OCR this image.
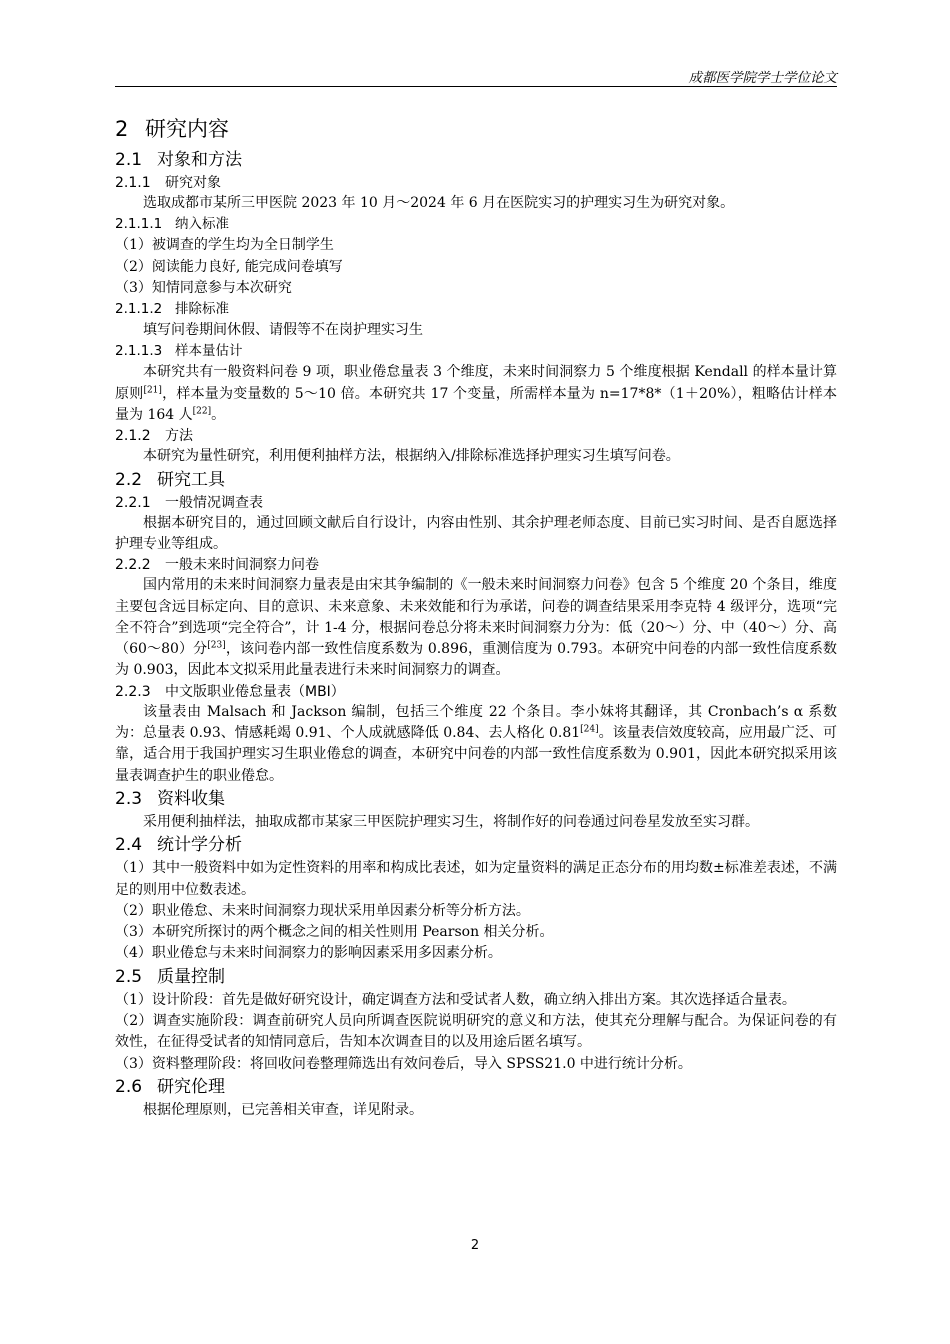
成都医学院学士学位论文
2 研究内容
2.1 对象和方法
2.1.1 研究对象

选取成都市某所三甲医院 2023 年 10 月～2024 年 6 月在医院实习的护理实习生为研究对象。

2.1.1.1 纳入标准
（1）被调查的学生均为全日制学生
（2）阅读能力良好, 能完成问卷填写
（3）知情同意参与本次研究
2.1.1.2 排除标准

填写问卷期间休假、请假等不在岗护理实习生

2.1.1.3 样本量估计

本研究共有一般资料问卷 9 项，职业倦怠量表 3 个维度，未来时间洞察力 5 个维度根据 Kendall 的样本量计算原则[21]，样本量为变量数的 5～10 倍。本研究共 17 个变量，所需样本量为 n=17*8*（1＋20%），粗略估计样本量为 164 人[22]。

2.1.2 方法

本研究为量性研究，利用便利抽样方法，根据纳入/排除标准选择护理实习生填写问卷。

2.2 研究工具
2.2.1 一般情况调查表

根据本研究目的，通过回顾文献后自行设计，内容由性别、其余护理老师态度、目前已实习时间、是否自愿选择护理专业等组成。

2.2.2 一般未来时间洞察力问卷

国内常用的未来时间洞察力量表是由宋其争编制的《一般未来时间洞察力问卷》包含 5 个维度 20 个条目，维度主要包含远目标定向、目的意识、未来意象、未来效能和行为承诺，问卷的调查结果采用李克特 4 级评分，选项“完全不符合”到选项“完全符合”，计 1-4 分，根据问卷总分将未来时间洞察力分为：低（20～）分、中（40～）分、高（60～80）分[23]，该问卷内部一致性信度系数为 0.896，重测信度为 0.793。本研究中问卷的内部一致性信度系数为 0.903，因此本文拟采用此量表进行未来时间洞察力的调查。

2.2.3 中文版职业倦怠量表（MBI）

该量表由 Malsach 和 Jackson 编制，包括三个维度 22 个条目。李小妹将其翻译，其 Cronbach’s α 系数为：总量表 0.93、情感耗竭 0.91、个人成就感降低 0.84、去人格化 0.81[24]。该量表信效度较高，应用最广泛、可靠，适合用于我国护理实习生职业倦怠的调查，本研究中问卷的内部一致性信度系数为 0.901，因此本研究拟采用该量表调查护生的职业倦怠。

2.3 资料收集

采用便利抽样法，抽取成都市某家三甲医院护理实习生，将制作好的问卷通过问卷星发放至实习群。

2.4 统计学分析
（1）其中一般资料中如为定性资料的用率和构成比表述，如为定量资料的满足正态分布的用均数±标准差表述，不满足的则用中位数表述。
（2）职业倦怠、未来时间洞察力现状采用单因素分析等分析方法。
（3）本研究所探讨的两个概念之间的相关性则用 Pearson 相关分析。
（4）职业倦怠与未来时间洞察力的影响因素采用多因素分析。
2.5 质量控制
（1）设计阶段：首先是做好研究设计，确定调查方法和受试者人数，确立纳入排出方案。其次选择适合量表。
（2）调查实施阶段：调查前研究人员向所调查医院说明研究的意义和方法，使其充分理解与配合。为保证问卷的有效性，在征得受试者的知情同意后，告知本次调查目的以及用途后匿名填写。
（3）资料整理阶段：将回收问卷整理筛选出有效问卷后，导入 SPSS21.0 中进行统计分析。
2.6 研究伦理

根据伦理原则，已完善相关审查，详见附录。

2
